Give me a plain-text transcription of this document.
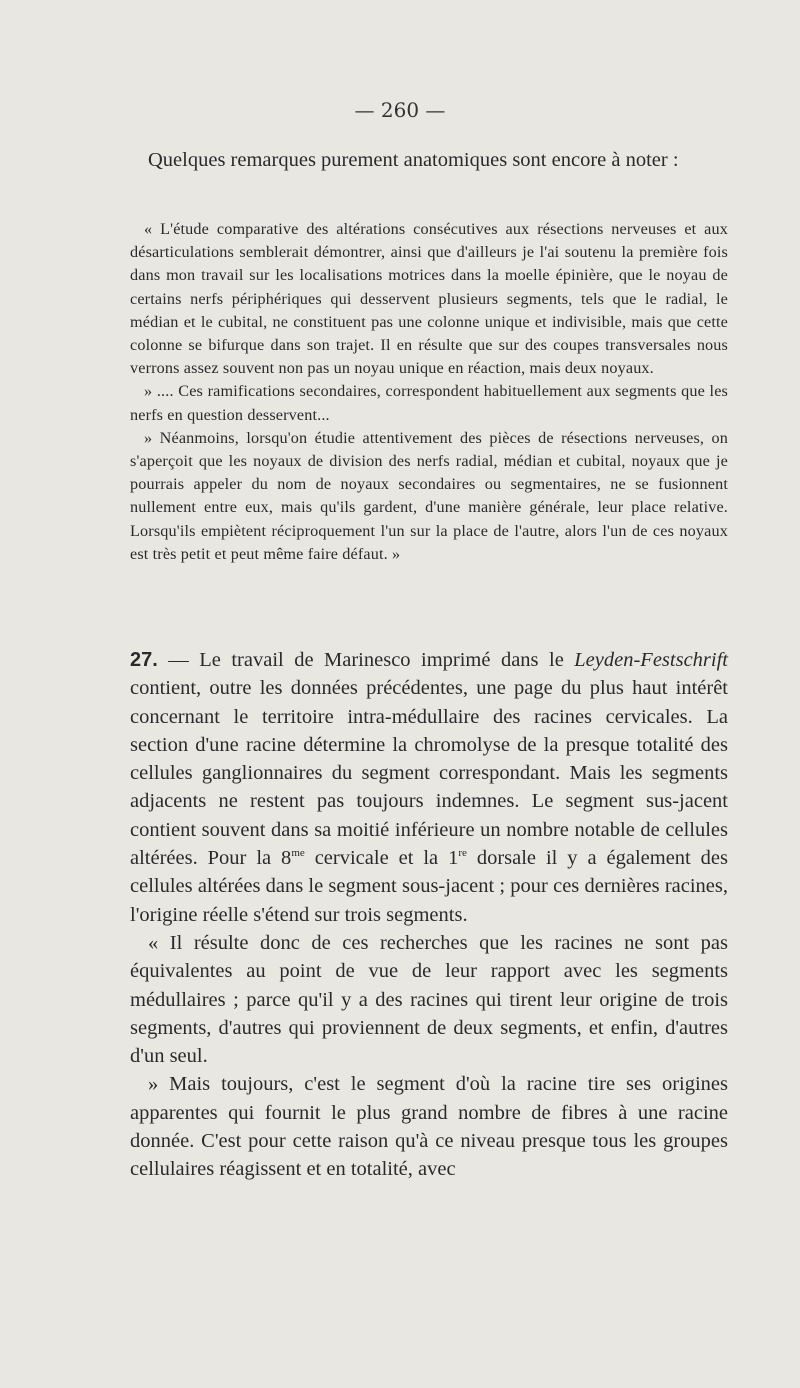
— 260 —

Quelques remarques purement anatomiques sont encore à noter :

« L'étude comparative des altérations consécutives aux résections nerveuses et aux désarticulations semblerait démontrer, ainsi que d'ailleurs je l'ai soutenu la première fois dans mon travail sur les localisations motrices dans la moelle épinière, que le noyau de certains nerfs périphériques qui desservent plusieurs segments, tels que le radial, le médian et le cubital, ne constituent pas une colonne unique et indivisible, mais que cette colonne se bifurque dans son trajet. Il en résulte que sur des coupes transversales nous verrons assez souvent non pas un noyau unique en réaction, mais deux noyaux.

» .... Ces ramifications secondaires, correspondent habituellement aux segments que les nerfs en question desservent...

» Néanmoins, lorsqu'on étudie attentivement des pièces de résections nerveuses, on s'aperçoit que les noyaux de division des nerfs radial, médian et cubital, noyaux que je pourrais appeler du nom de noyaux secondaires ou segmentaires, ne se fusionnent nullement entre eux, mais qu'ils gardent, d'une manière générale, leur place relative. Lorsqu'ils empiètent réciproquement l'un sur la place de l'autre, alors l'un de ces noyaux est très petit et peut même faire défaut. »

27. — Le travail de Marinesco imprimé dans le Leyden-Festschrift contient, outre les données précédentes, une page du plus haut intérêt concernant le territoire intra-médullaire des racines cervicales. La section d'une racine détermine la chromolyse de la presque totalité des cellules ganglionnaires du segment correspondant. Mais les segments adjacents ne restent pas toujours indemnes. Le segment sus-jacent contient souvent dans sa moitié inférieure un nombre notable de cellules altérées. Pour la $8^{me}$ cervicale et la 1re dorsale il y a également des cellules altérées dans le segment sous-jacent ; pour ces dernières racines, l'origine réelle s'étend sur trois segments.

« Il résulte donc de ces recherches que les racines ne sont pas équivalentes au point de vue de leur rapport avec les segments médullaires ; parce qu'il y a des racines qui tirent leur origine de trois segments, d'autres qui proviennent de deux segments, et enfin, d'autres d'un seul.

» Mais toujours, c'est le segment d'où la racine tire ses origines apparentes qui fournit le plus grand nombre de fibres à une racine donnée. C'est pour cette raison qu'à ce niveau presque tous les groupes cellulaires réagissent et en totalité, avec
